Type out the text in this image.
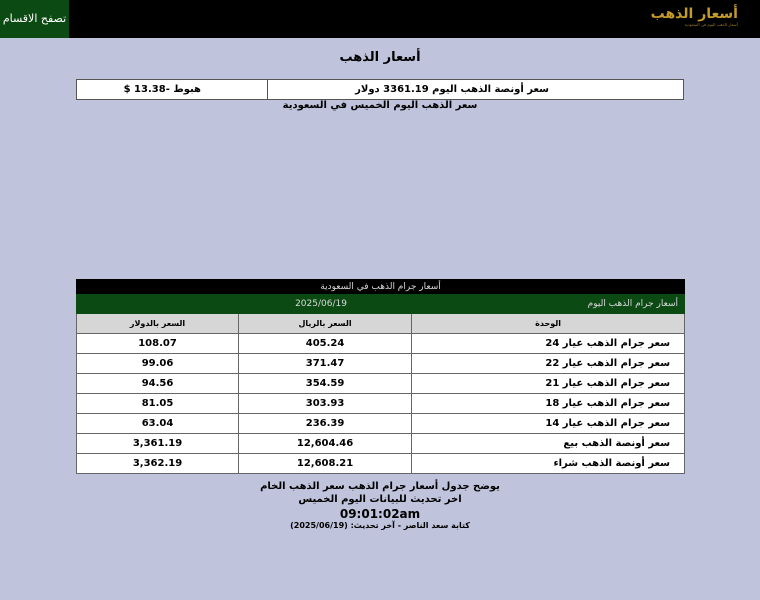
تصفح الاقسام	أسعار الذهب
أسعار الذهب اليوم في السعودية
أسعار الذهب
سعر أونصة الذهب اليوم 3361.19 دولار
هبوط -13.38 $
سعر الذهب اليوم الخميس في السعودية
أسعار جرام الذهب في السعودية		
أسعار جرام الذهب اليوم	2025/06/19	
الوحدة	السعر بالريال	السعر بالدولار
سعر جرام الذهب عيار 24	405.24	108.07
سعر جرام الذهب عيار 22	371.47	99.06
سعر جرام الذهب عيار 21	354.59	94.56
سعر جرام الذهب عيار 18	303.93	81.05
سعر جرام الذهب عيار 14	236.39	63.04
سعر أونصة الذهب بيع	12,604.46	3,361.19
سعر أونصة الذهب شراء	12,608.21	3,362.19
يوضح جدول أسعار جرام الذهب سعر الذهب الخام
اخر تحديث للبيانات اليوم الخميس
09:01:02am
كتابة سعد الناصر - آخر تحديث: (2025/06/19)
